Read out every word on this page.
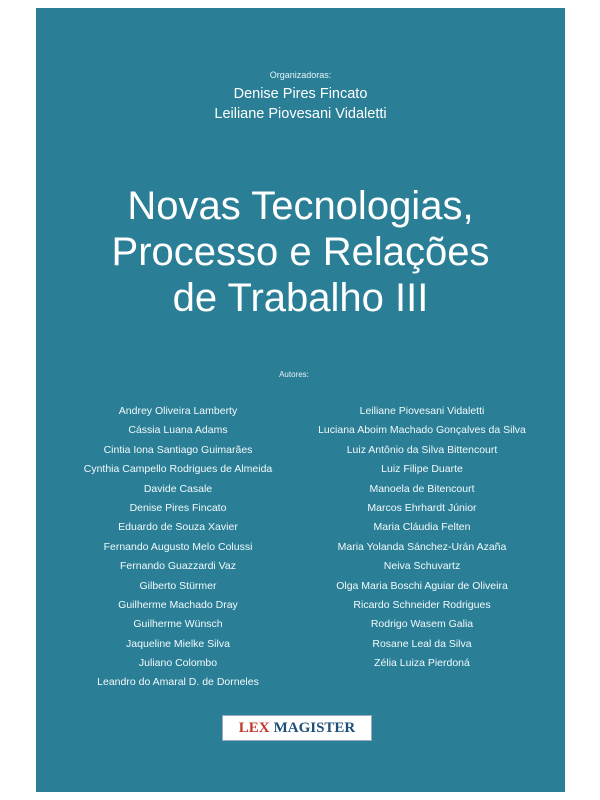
Organizadoras:
Denise Pires Fincato
Leiliane Piovesani Vidaletti
Novas Tecnologias,
Processo e Relações
de Trabalho III
Autores:
Andrey Oliveira Lamberty
Cássia Luana Adams
Cintia Iona Santiago Guimarães
Cynthia Campello Rodrigues de Almeida
Davide Casale
Denise Pires Fincato
Eduardo de Souza Xavier
Fernando Augusto Melo Colussi
Fernando Guazzardi Vaz
Gilberto Stürmer
Guilherme Machado Dray
Guilherme Wünsch
Jaqueline Mielke Silva
Juliano Colombo
Leandro do Amaral D. de Dorneles
Leiliane Piovesani Vidaletti
Luciana Aboim Machado Gonçalves da Silva
Luiz Antônio da Silva Bittencourt
Luiz Filipe Duarte
Manoela de Bitencourt
Marcos Ehrhardt Júnior
Maria Cláudia Felten
Maria Yolanda Sánchez-Urán Azaña
Neiva Schuvartz
Olga Maria Boschi Aguiar de Oliveira
Ricardo Schneider Rodrigues
Rodrigo Wasem Galia
Rosane Leal da Silva
Zélia Luiza Pierdoná
LEX MAGISTER
